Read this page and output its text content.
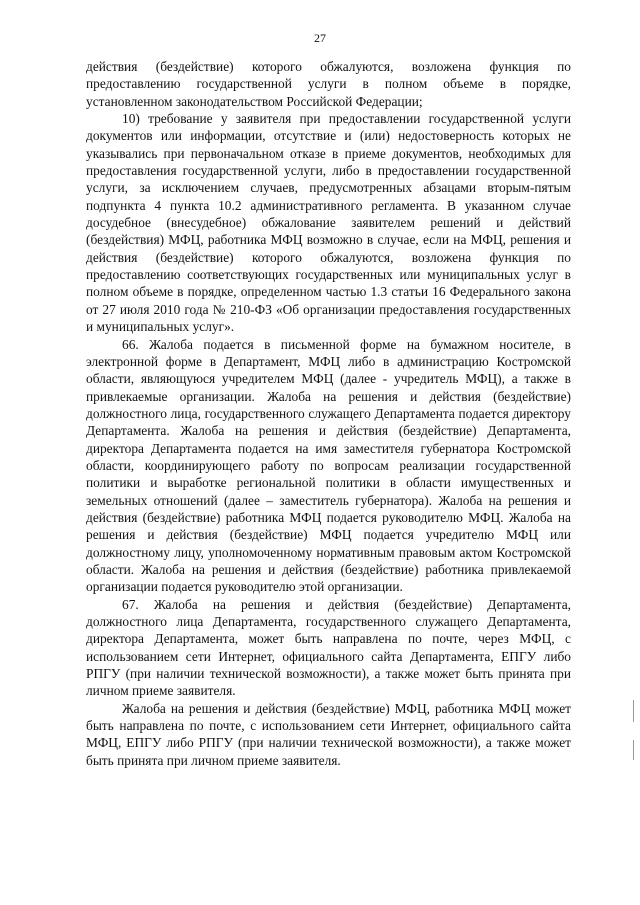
27

действия (бездействие) которого обжалуются, возложена функция по предоставлению государственной услуги в полном объеме в порядке, установленном законодательством Российской Федерации;

10) требование у заявителя при предоставлении государственной услуги документов или информации, отсутствие и (или) недостоверность которых не указывались при первоначальном отказе в приеме документов, необходимых для предоставления государственной услуги, либо в предоставлении государственной услуги, за исключением случаев, предусмотренных абзацами вторым-пятым подпункта 4 пункта 10.2 административного регламента. В указанном случае досудебное (внесудебное) обжалование заявителем решений и действий (бездействия) МФЦ, работника МФЦ возможно в случае, если на МФЦ, решения и действия (бездействие) которого обжалуются, возложена функция по предоставлению соответствующих государственных или муниципальных услуг в полном объеме в порядке, определенном частью 1.3 статьи 16 Федерального закона от 27 июля 2010 года № 210-ФЗ «Об организации предоставления государственных и муниципальных услуг».

66. Жалоба подается в письменной форме на бумажном носителе, в электронной форме в Департамент, МФЦ либо в администрацию Костромской области, являющуюся учредителем МФЦ (далее - учредитель МФЦ), а также в привлекаемые организации. Жалоба на решения и действия (бездействие) должностного лица, государственного служащего Департамента подается директору Департамента. Жалоба на решения и действия (бездействие) Департамента, директора Департамента подается на имя заместителя губернатора Костромской области, координирующего работу по вопросам реализации государственной политики и выработке региональной политики в области имущественных и земельных отношений (далее – заместитель губернатора). Жалоба на решения и действия (бездействие) работника МФЦ подается руководителю МФЦ. Жалоба на решения и действия (бездействие) МФЦ подается учредителю МФЦ или должностному лицу, уполномоченному нормативным правовым актом Костромской области. Жалоба на решения и действия (бездействие) работника привлекаемой организации подается руководителю этой организации.

67. Жалоба на решения и действия (бездействие) Департамента, должностного лица Департамента, государственного служащего Департамента, директора Департамента, может быть направлена по почте, через МФЦ, с использованием сети Интернет, официального сайта Департамента, ЕПГУ либо РПГУ (при наличии технической возможности), а также может быть принята при личном приеме заявителя.

Жалоба на решения и действия (бездействие) МФЦ, работника МФЦ может быть направлена по почте, с использованием сети Интернет, официального сайта МФЦ, ЕПГУ либо РПГУ (при наличии технической возможности), а также может быть принята при личном приеме заявителя.
